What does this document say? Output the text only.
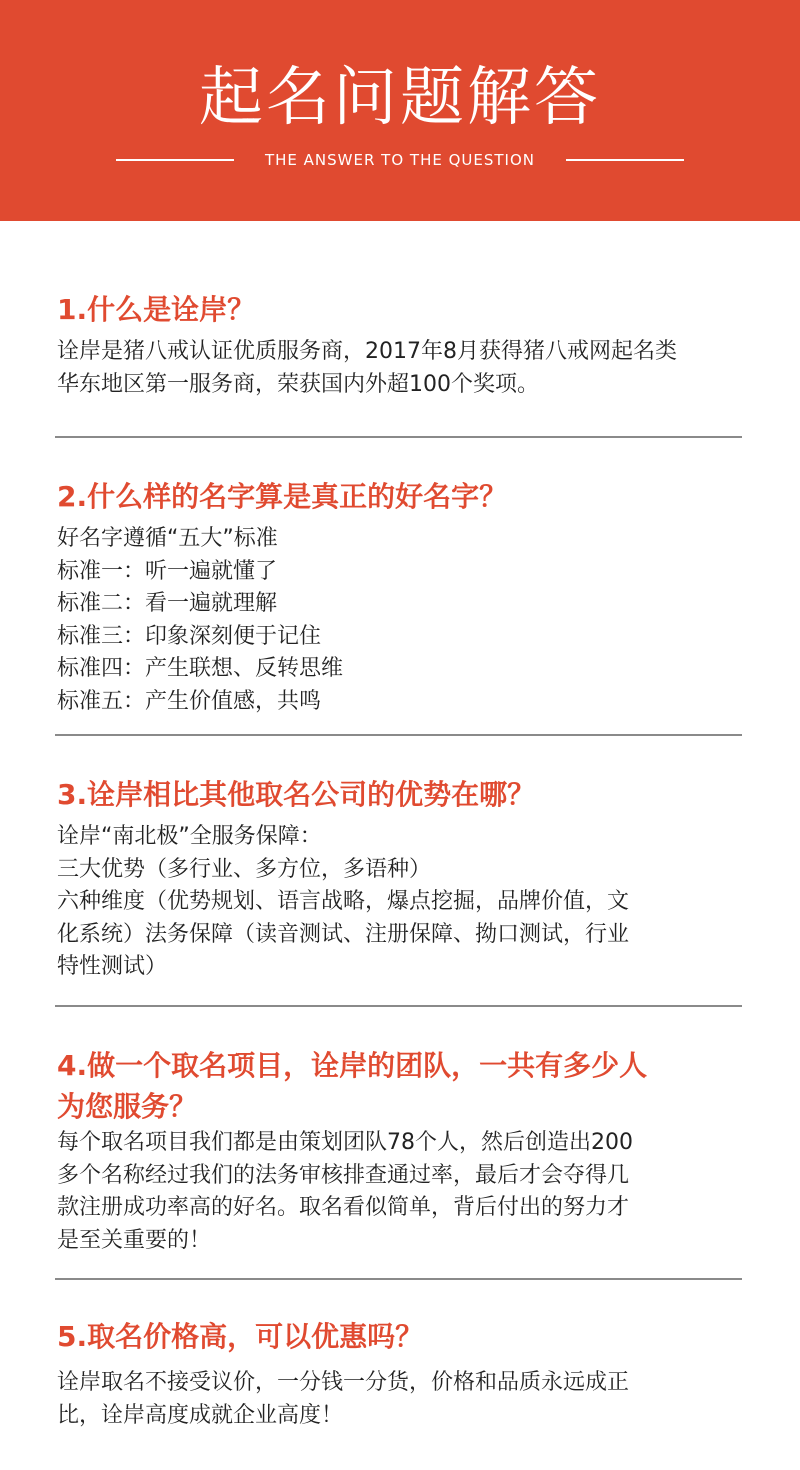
起名问题解答
THE ANSWER TO THE QUESTION

1.什么是诠岸？

诠岸是猪八戒认证优质服务商，2017年8月获得猪八戒网起名类

华东地区第一服务商，荣获国内外超100个奖项。

2.什么样的名字算是真正的好名字？

好名字遵循“五大”标准

标准一：听一遍就懂了

标准二：看一遍就理解

标准三：印象深刻便于记住

标准四：产生联想、反转思维

标准五：产生价值感，共鸣

3.诠岸相比其他取名公司的优势在哪？

诠岸“南北极”全服务保障：

三大优势（多行业、多方位，多语种）

六种维度（优势规划、语言战略，爆点挖掘，品牌价值，文

化系统）法务保障（读音测试、注册保障、拗口测试，行业

特性测试）

4.做一个取名项目，诠岸的团队，一共有多少人

为您服务？

每个取名项目我们都是由策划团队78个人，然后创造出200

多个名称经过我们的法务审核排查通过率，最后才会夺得几

款注册成功率高的好名。取名看似简单，背后付出的努力才

是至关重要的！

5.取名价格高，可以优惠吗？

诠岸取名不接受议价，一分钱一分货，价格和品质永远成正

比，诠岸高度成就企业高度！
